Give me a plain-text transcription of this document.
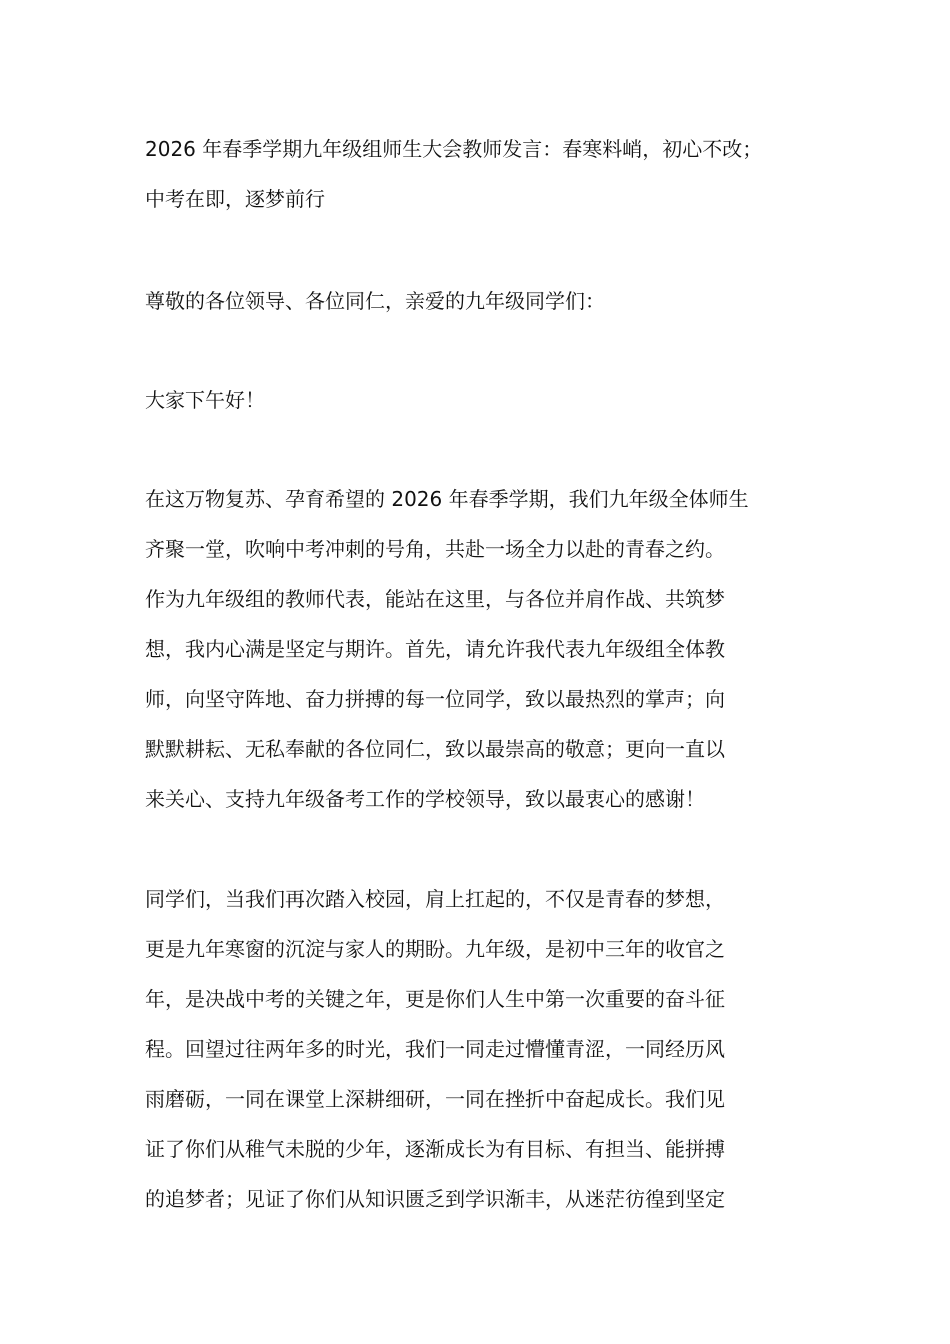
2026 年春季学期九年级组师生大会教师发言：春寒料峭，初心不改；
中考在即，逐梦前行
尊敬的各位领导、各位同仁，亲爱的九年级同学们：
大家下午好！
在这万物复苏、孕育希望的 2026 年春季学期，我们九年级全体师生
齐聚一堂，吹响中考冲刺的号角，共赴一场全力以赴的青春之约。
作为九年级组的教师代表，能站在这里，与各位并肩作战、共筑梦
想，我内心满是坚定与期许。首先，请允许我代表九年级组全体教
师，向坚守阵地、奋力拼搏的每一位同学，致以最热烈的掌声；向
默默耕耘、无私奉献的各位同仁，致以最崇高的敬意；更向一直以
来关心、支持九年级备考工作的学校领导，致以最衷心的感谢！
同学们，当我们再次踏入校园，肩上扛起的，不仅是青春的梦想，
更是九年寒窗的沉淀与家人的期盼。九年级，是初中三年的收官之
年，是决战中考的关键之年，更是你们人生中第一次重要的奋斗征
程。回望过往两年多的时光，我们一同走过懵懂青涩，一同经历风
雨磨砺，一同在课堂上深耕细研，一同在挫折中奋起成长。我们见
证了你们从稚气未脱的少年，逐渐成长为有目标、有担当、能拼搏
的追梦者；见证了你们从知识匮乏到学识渐丰，从迷茫彷徨到坚定
